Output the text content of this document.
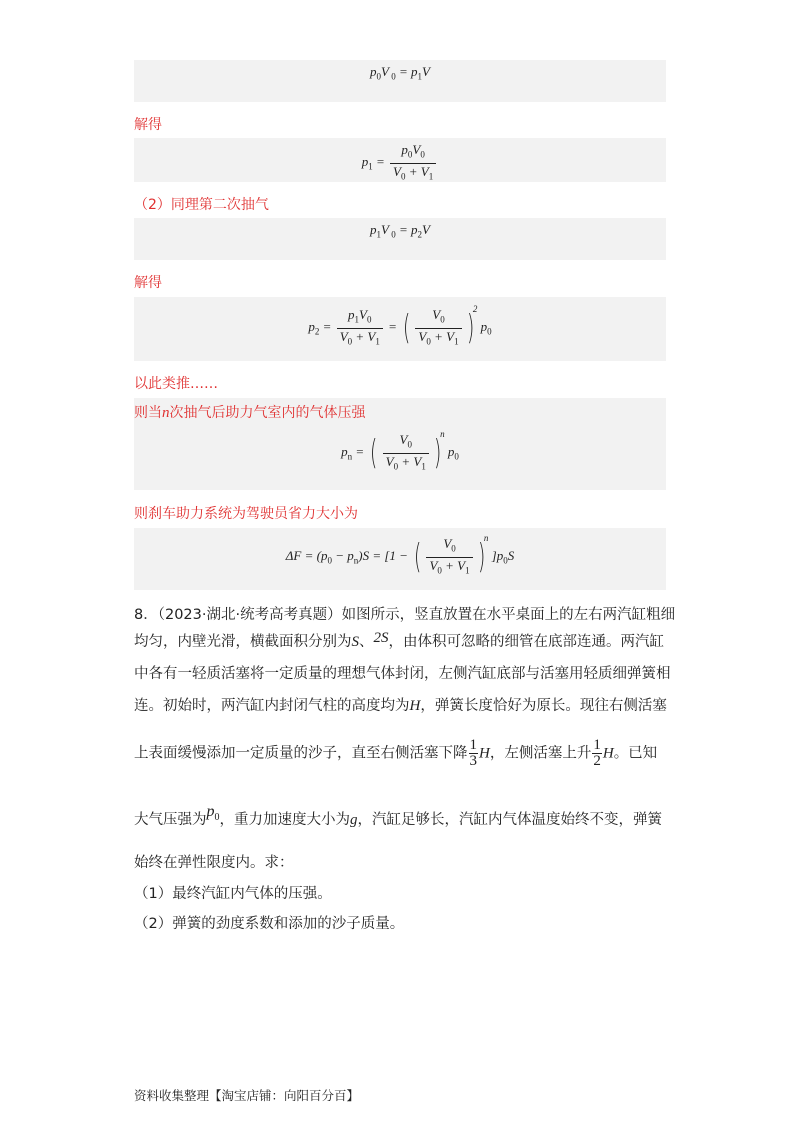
$p_0V$ $_0 = p_1V$
解得
$p_1 = \frac{p_0V_0}{V_0 + V_1}$
（2）同理第二次抽气
$p_1V$ $_0 = p_2V$
解得
$p_2 = \frac{p_1V_0}{V_0 + V_1}$ = ( $\frac{V_0}{V_0 + V_1} )^2$ $p_0$
以此类推……
则当n次抽气后助力气室内的气体压强
$p_n$ = ( $\frac{V_0}{V_0 + V_1} )^n$ $p_0$
则刹车助力系统为驾驶员省力大小为
$\Delta F = (p_0 - p_n)S = [1$ − ( $\frac{V_0}{V_0 + V_1} )^n$ ]$p_0S$
8．（2023·湖北·统考高考真题）如图所示，竖直放置在水平桌面上的左右两汽缸粗细
均匀，内壁光滑，横截面积分别为S、2S，由体积可忽略的细管在底部连通。两汽缸
中各有一轻质活塞将一定质量的理想气体封闭，左侧汽缸底部与活塞用轻质细弹簧相
连。初始时，两汽缸内封闭气柱的高度均为H，弹簧长度恰好为原长。现往右侧活塞
上表面缓慢添加一定质量的沙子，直至右侧活塞下降 $\frac{1}{3}$ H，左侧活塞上升 $\frac{1}{2}$ H。已知
大气压强为$p_0$，重力加速度大小为g，汽缸足够长，汽缸内气体温度始终不变，弹簧
始终在弹性限度内。求：
（1）最终汽缸内气体的压强。
（2）弹簧的劲度系数和添加的沙子质量。
资料收集整理【淘宝店铺：向阳百分百】
